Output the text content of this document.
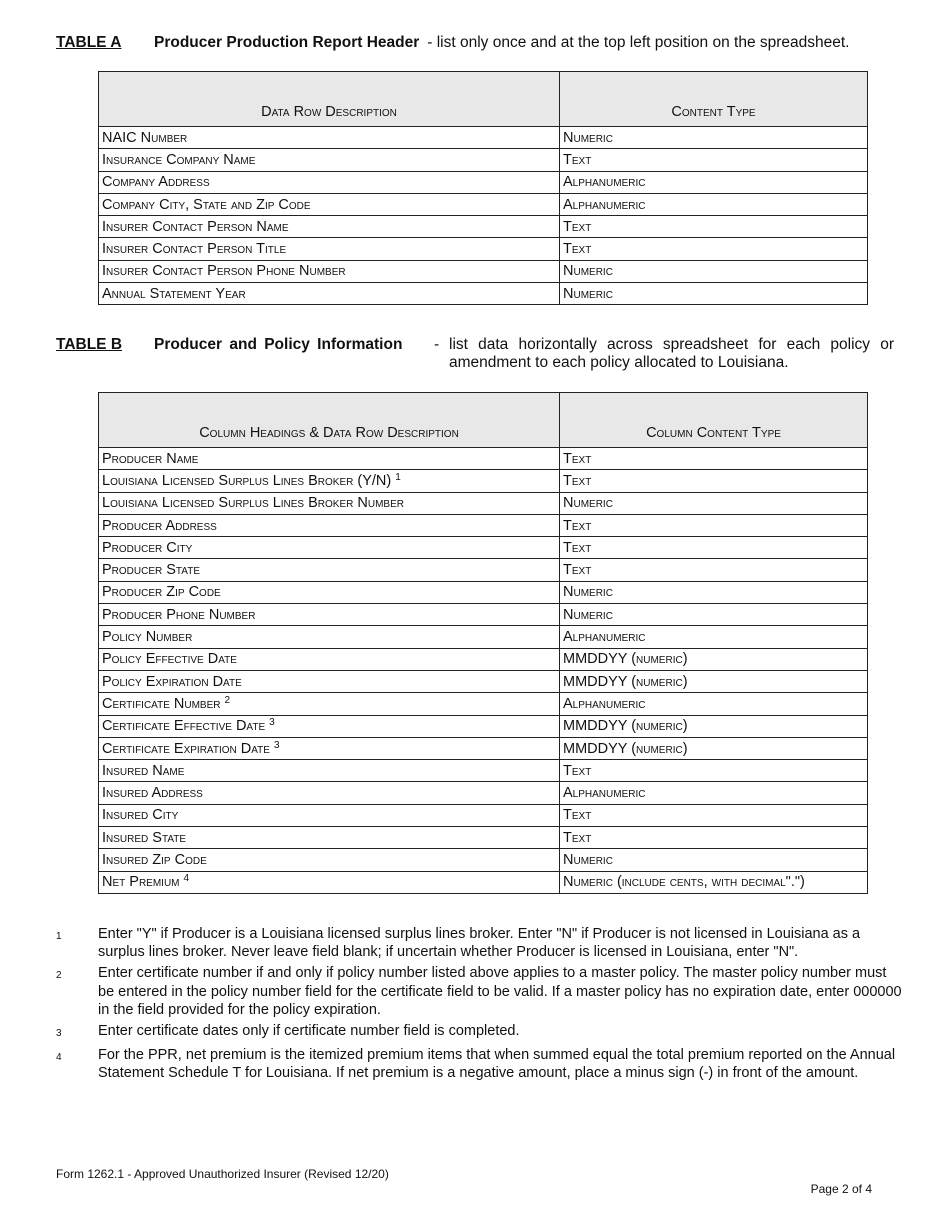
TABLE A Producer Production Report Header - list only once and at the top left position on the spreadsheet.
Data Row Description	Content Type
NAIC Number	Numeric
Insurance Company Name	Text
Company Address	Alphanumeric
Company City, State and Zip Code	Alphanumeric
Insurer Contact Person Name	Text
Insurer Contact Person Title	Text
Insurer Contact Person Phone Number	Numeric
Annual Statement Year	Numeric
TABLE B	Producer and Policy Information	- list data horizontally across spreadsheet for each policy or amendment to each policy allocated to Louisiana.
Column Headings & Data Row Description	Column Content Type
Producer Name	Text
Louisiana Licensed Surplus Lines Broker (Y/N) $^1$	Text
Louisiana Licensed Surplus Lines Broker Number	Numeric
Producer Address	Text
Producer City	Text
Producer State	Text
Producer Zip Code	Numeric
Producer Phone Number	Numeric
Policy Number	Alphanumeric
Policy Effective Date	MMDDYY (numeric)
Policy Expiration Date	MMDDYY (numeric)
Certificate Number $^2$	Alphanumeric
Certificate Effective Date $^3$	MMDDYY (numeric)
Certificate Expiration Date $^3$	MMDDYY (numeric)
Insured Name	Text
Insured Address	Alphanumeric
Insured City	Text
Insured State	Text
Insured Zip Code	Numeric
Net Premium $^4$	Numeric (include cents, with decimal".")
1	Enter "Y" if Producer is a Louisiana licensed surplus lines broker. Enter "N" if Producer is not licensed in Louisiana as a surplus lines broker. Never leave field blank; if uncertain whether Producer is licensed in Louisiana, enter "N".
2	Enter certificate number if and only if policy number listed above applies to a master policy. The master policy number must be entered in the policy number field for the certificate field to be valid. If a master policy has no expiration date, enter 000000 in the field provided for the policy expiration.
3	Enter certificate dates only if certificate number field is completed.
4	For the PPR, net premium is the itemized premium items that when summed equal the total premium reported on the Annual Statement Schedule T for Louisiana. If net premium is a negative amount, place a minus sign (-) in front of the amount.
Form 1262.1 - Approved Unauthorized Insurer (Revised 12/20)
Page 2 of 4
